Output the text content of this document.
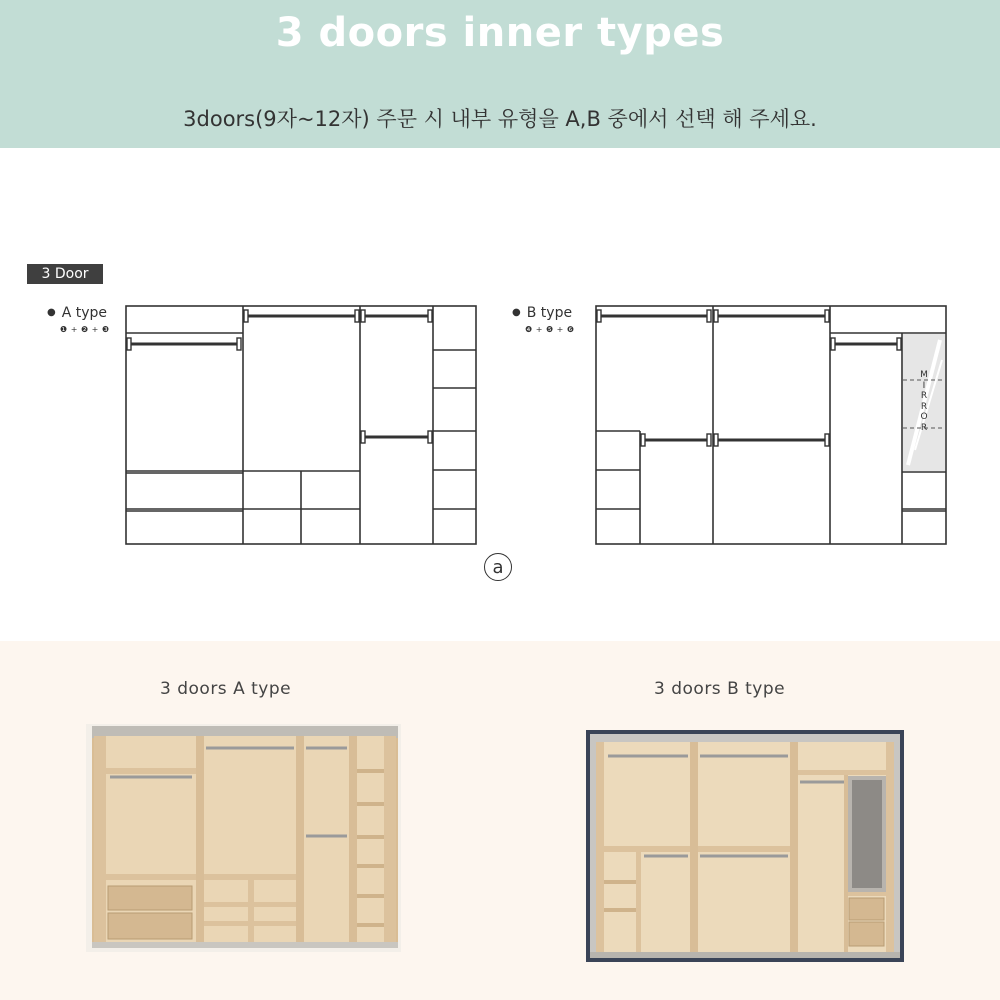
3 doors inner types
3doors(9자~12자) 주문 시 내부 유형을 A,B 중에서 선택 해 주세요.
3 Door
● A type
❶ + ❷ + ❸
● B type
❹ + ❺ + ❻
M
I
R
R
O
R
a
3 doors A type	3 doors B type
